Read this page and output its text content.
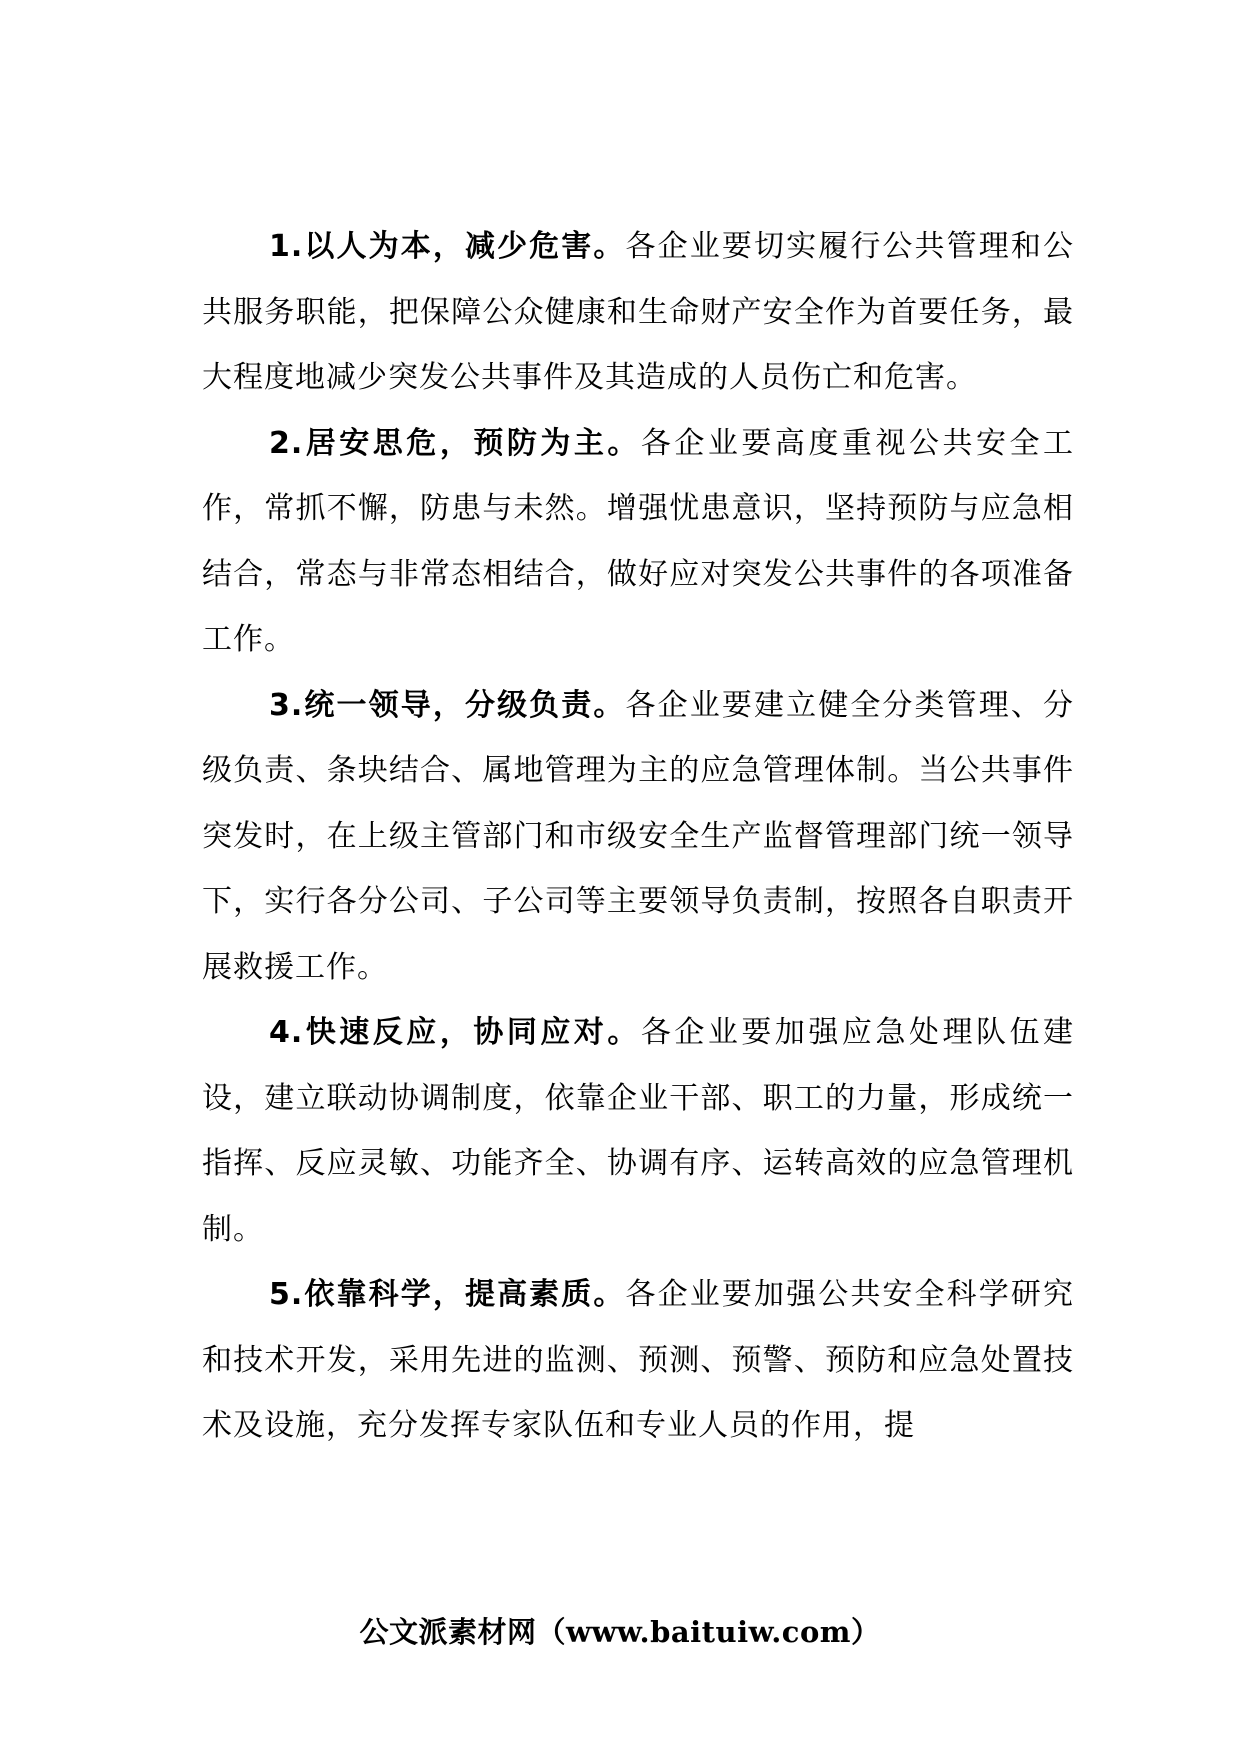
1.以人为本，减少危害。各企业要切实履行公共管理和公共服务职能，把保障公众健康和生命财产安全作为首要任务，最大程度地减少突发公共事件及其造成的人员伤亡和危害。

2.居安思危，预防为主。各企业要高度重视公共安全工作，常抓不懈，防患与未然。增强忧患意识，坚持预防与应急相结合，常态与非常态相结合，做好应对突发公共事件的各项准备工作。

3.统一领导，分级负责。各企业要建立健全分类管理、分级负责、条块结合、属地管理为主的应急管理体制。当公共事件突发时，在上级主管部门和市级安全生产监督管理部门统一领导下，实行各分公司、子公司等主要领导负责制，按照各自职责开展救援工作。

4.快速反应，协同应对。各企业要加强应急处理队伍建设，建立联动协调制度，依靠企业干部、职工的力量，形成统一指挥、反应灵敏、功能齐全、协调有序、运转高效的应急管理机制。

5.依靠科学，提高素质。各企业要加强公共安全科学研究和技术开发，采用先进的监测、预测、预警、预防和应急处置技术及设施，充分发挥专家队伍和专业人员的作用，提

公文派素材网（www.baituiw.com）
